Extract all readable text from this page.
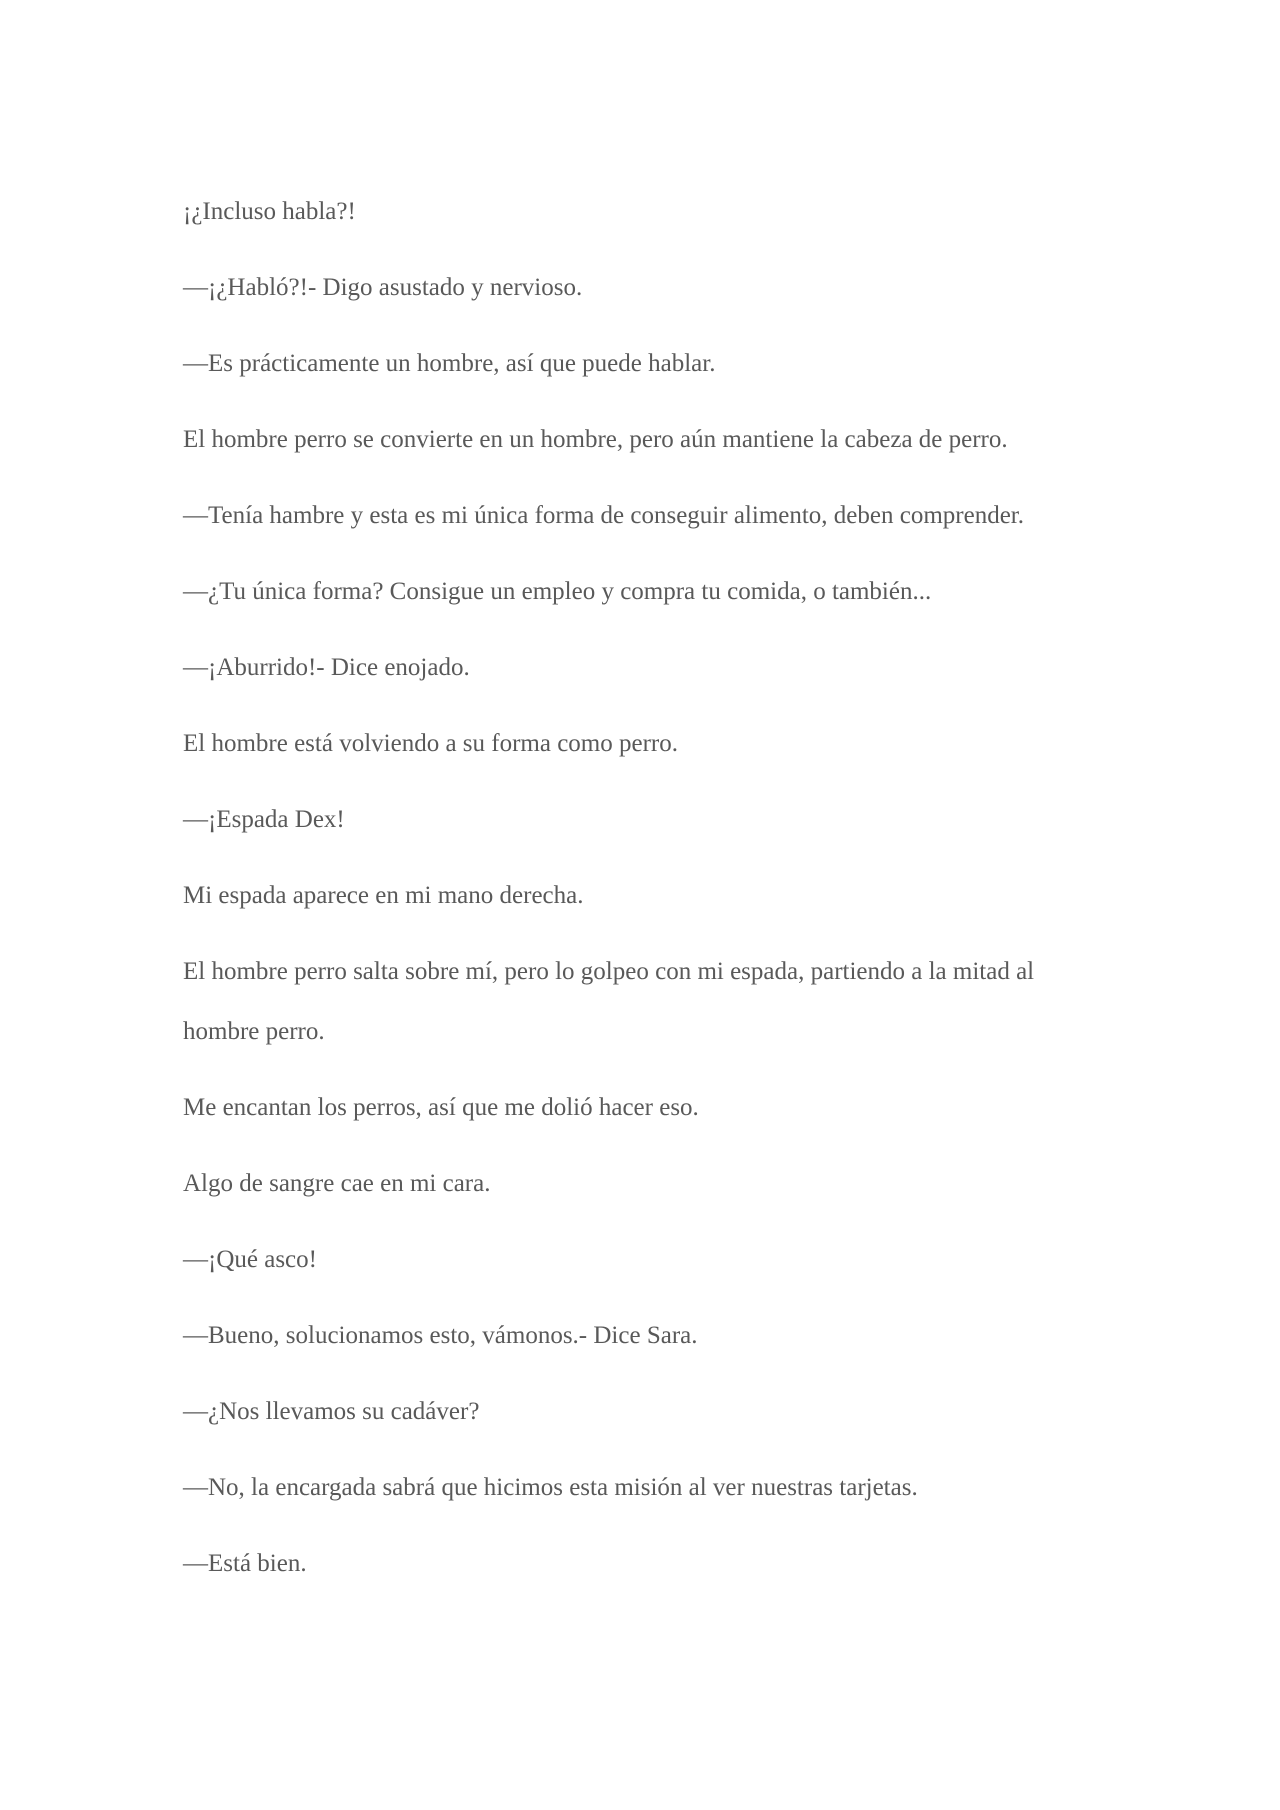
¡¿Incluso habla?!

—¡¿Habló?!- Digo asustado y nervioso.

—Es prácticamente un hombre, así que puede hablar.

El hombre perro se convierte en un hombre, pero aún mantiene la cabeza de perro.

—Tenía hambre y esta es mi única forma de conseguir alimento, deben comprender.

—¿Tu única forma? Consigue un empleo y compra tu comida, o también...

—¡Aburrido!- Dice enojado.

El hombre está volviendo a su forma como perro.

—¡Espada Dex!

Mi espada aparece en mi mano derecha.

El hombre perro salta sobre mí, pero lo golpeo con mi espada, partiendo a la mitad al hombre perro.

Me encantan los perros, así que me dolió hacer eso.

Algo de sangre cae en mi cara.

—¡Qué asco!

—Bueno, solucionamos esto, vámonos.- Dice Sara.

—¿Nos llevamos su cadáver?

—No, la encargada sabrá que hicimos esta misión al ver nuestras tarjetas.

—Está bien.
